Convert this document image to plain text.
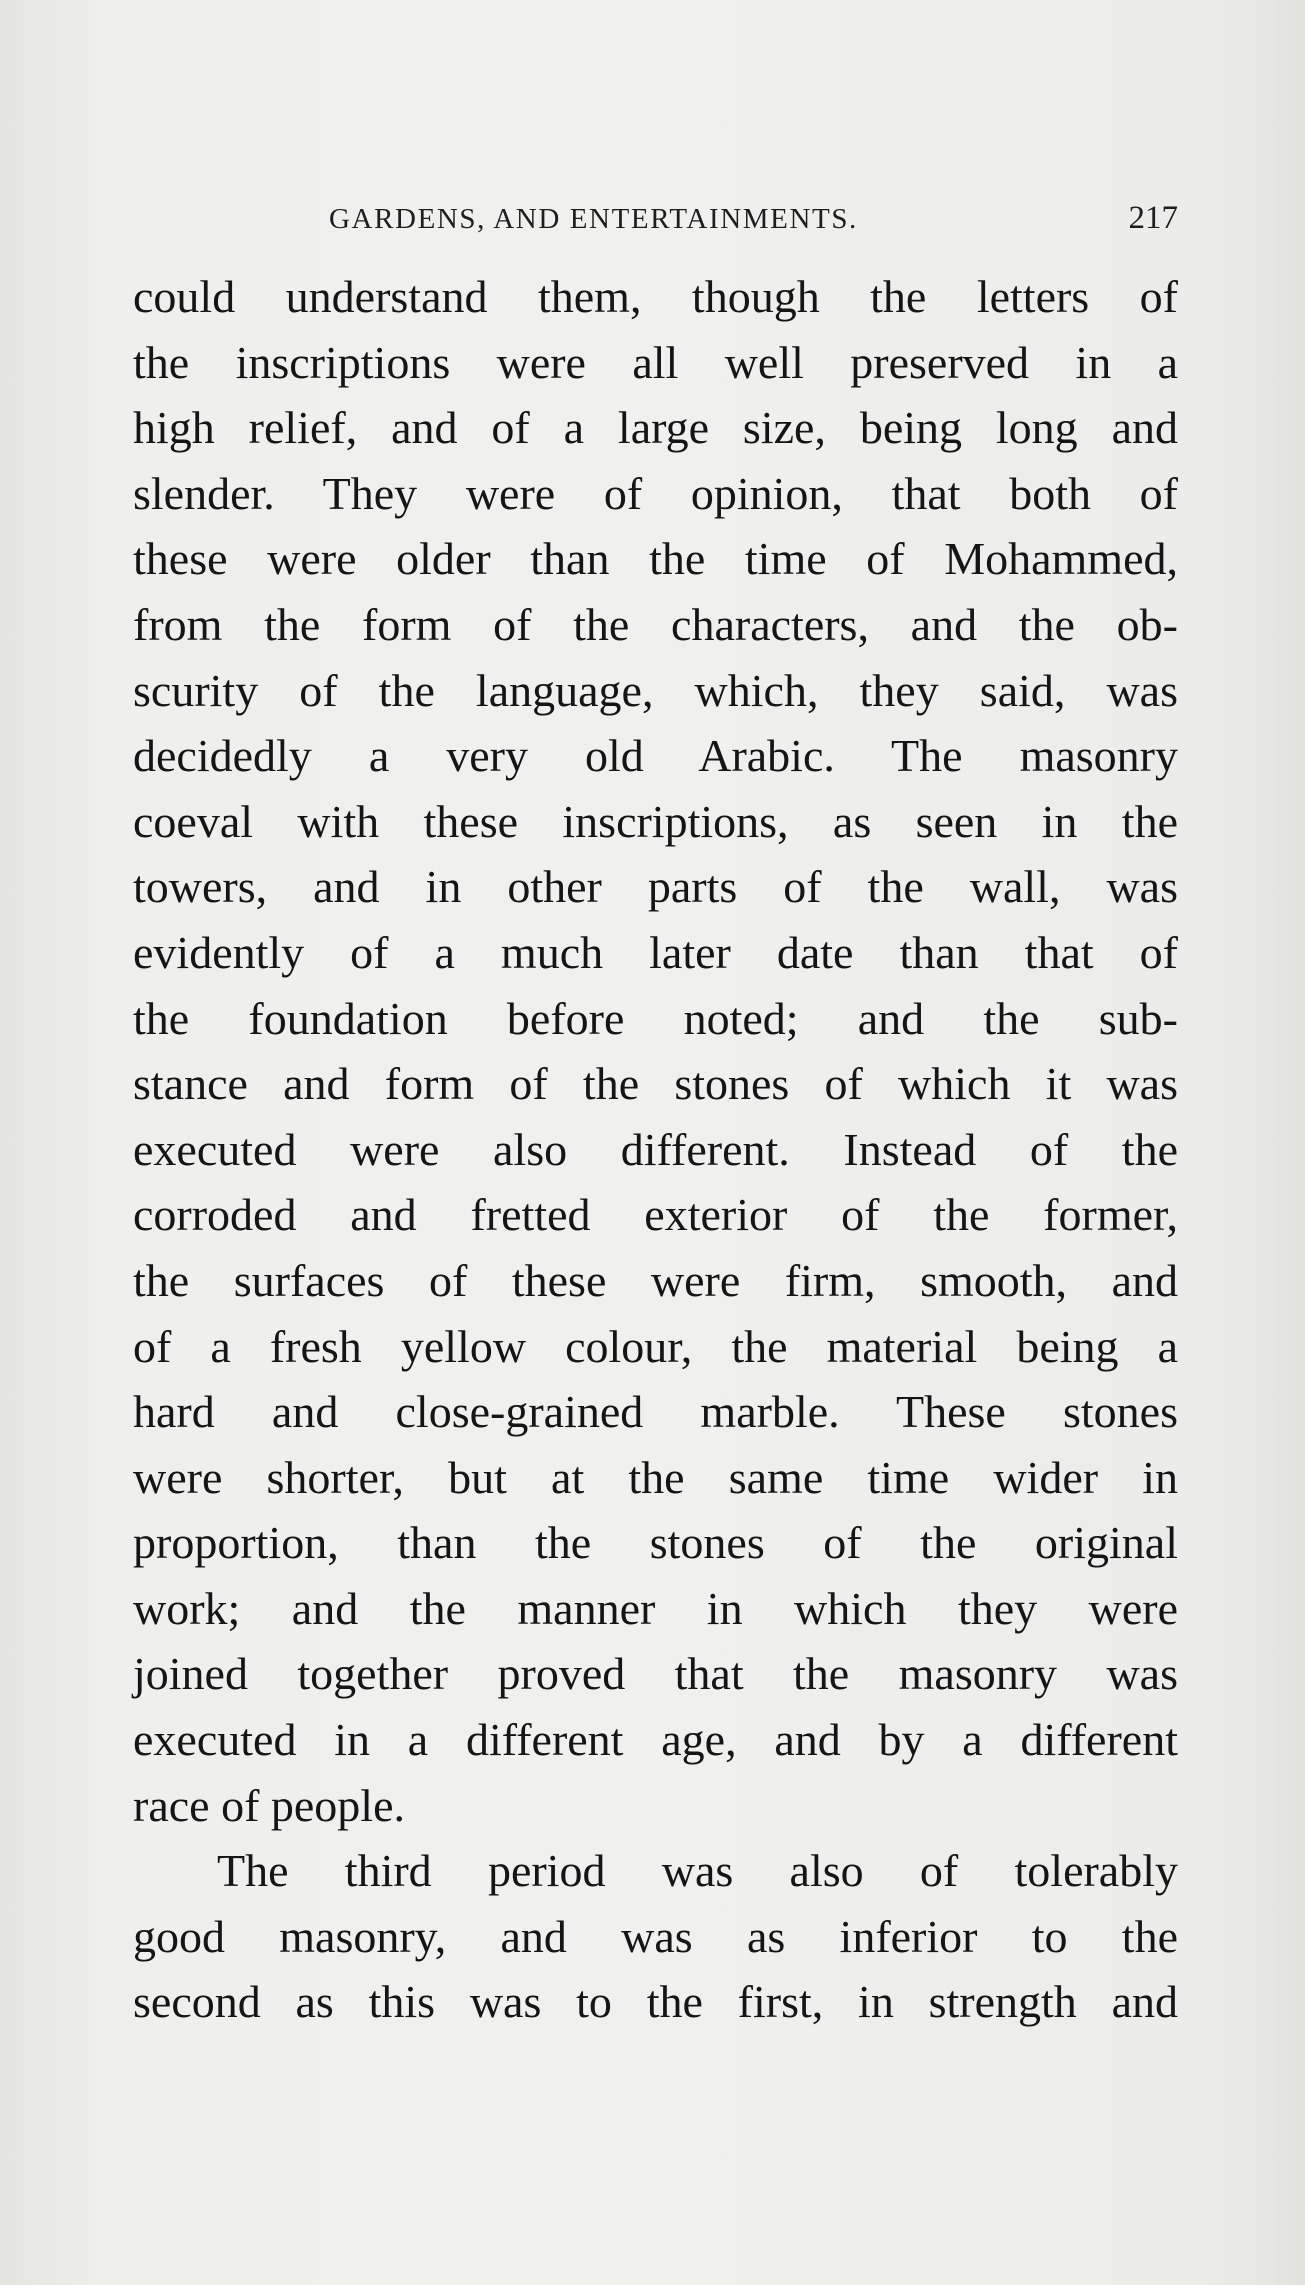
GARDENS, AND ENTERTAINMENTS.	217
could understand them, though the letters of
the inscriptions were all well preserved in a
high relief, and of a large size, being long and
slender. They were of opinion, that both of
these were older than the time of Mohammed,
from the form of the characters, and the ob-
scurity of the language, which, they said, was
decidedly a very old Arabic. The masonry
coeval with these inscriptions, as seen in the
towers, and in other parts of the wall, was
evidently of a much later date than that of
the foundation before noted; and the sub-
stance and form of the stones of which it was
executed were also different. Instead of the
corroded and fretted exterior of the former,
the surfaces of these were firm, smooth, and
of a fresh yellow colour, the material being a
hard and close-grained marble. These stones
were shorter, but at the same time wider in
proportion, than the stones of the original
work; and the manner in which they were
joined together proved that the masonry was
executed in a different age, and by a different
race of people.
The third period was also of tolerably
good masonry, and was as inferior to the
second as this was to the first, in strength and
